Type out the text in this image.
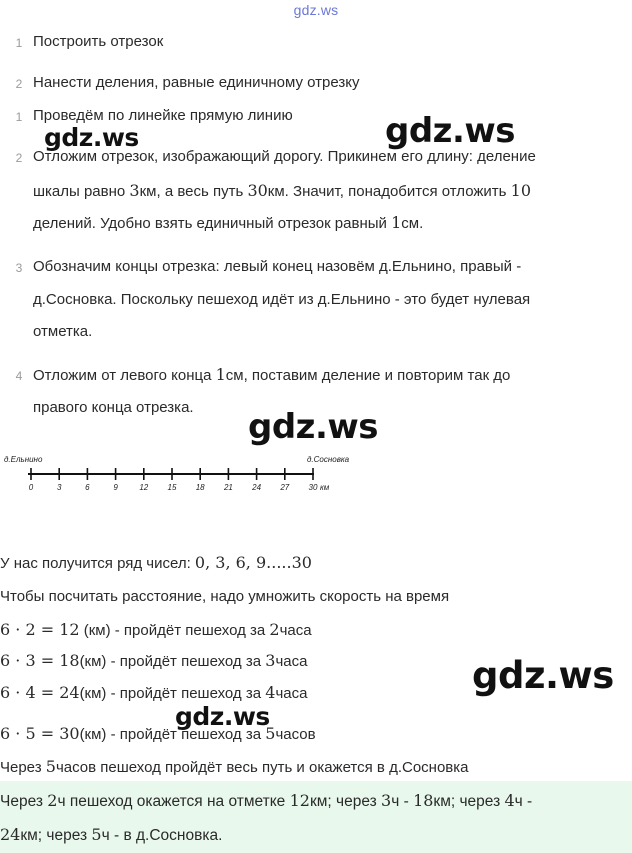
gdz.ws
1 Построить отрезок
2 Нанести деления, равные единичному отрезку
1 Проведём по линейке прямую линию
2 Отложим отрезок, изображающий дорогу. Прикинем его длину: деление
шкалы равно 3км, а весь путь 30км. Значит, понадобится отложить 10
делений. Удобно взять единичный отрезок равный 1см.
3 Обозначим концы отрезка: левый конец назовём д.Ельнино, правый -
д.Сосновка. Поскольку пешеход идёт из д.Ельнино - это будет нулевая
отметка.
4 Отложим от левого конца 1см, поставим деление и повторим так до
правого конца отрезка.
д.Ельнино	д.Сосновка
0	3	6	9	12 15 18 21 24 27 30 км
У нас получится ряд чисел: 0, 3, 6, 9.....30
Чтобы посчитать расстояние, надо умножить скорость на время
6 · 2 = 12 (км) - пройдёт пешеход за 2часа
6 · 3 = 18(км) - пройдёт пешеход за 3часа
6 · 4 = 24(км) - пройдёт пешеход за 4часа
6 · 5 = 30(км) - пройдёт пешеход за 5часов
Через 5часов пешеход пройдёт весь путь и окажется в д.Сосновка
Через 2ч пешеход окажется на отметке 12км; через 3ч - 18км; через 4ч -
24км; через 5ч - в д.Сосновка.
gdz.ws	gdz.ws
gdz.ws
gdz.ws
gdz.ws
